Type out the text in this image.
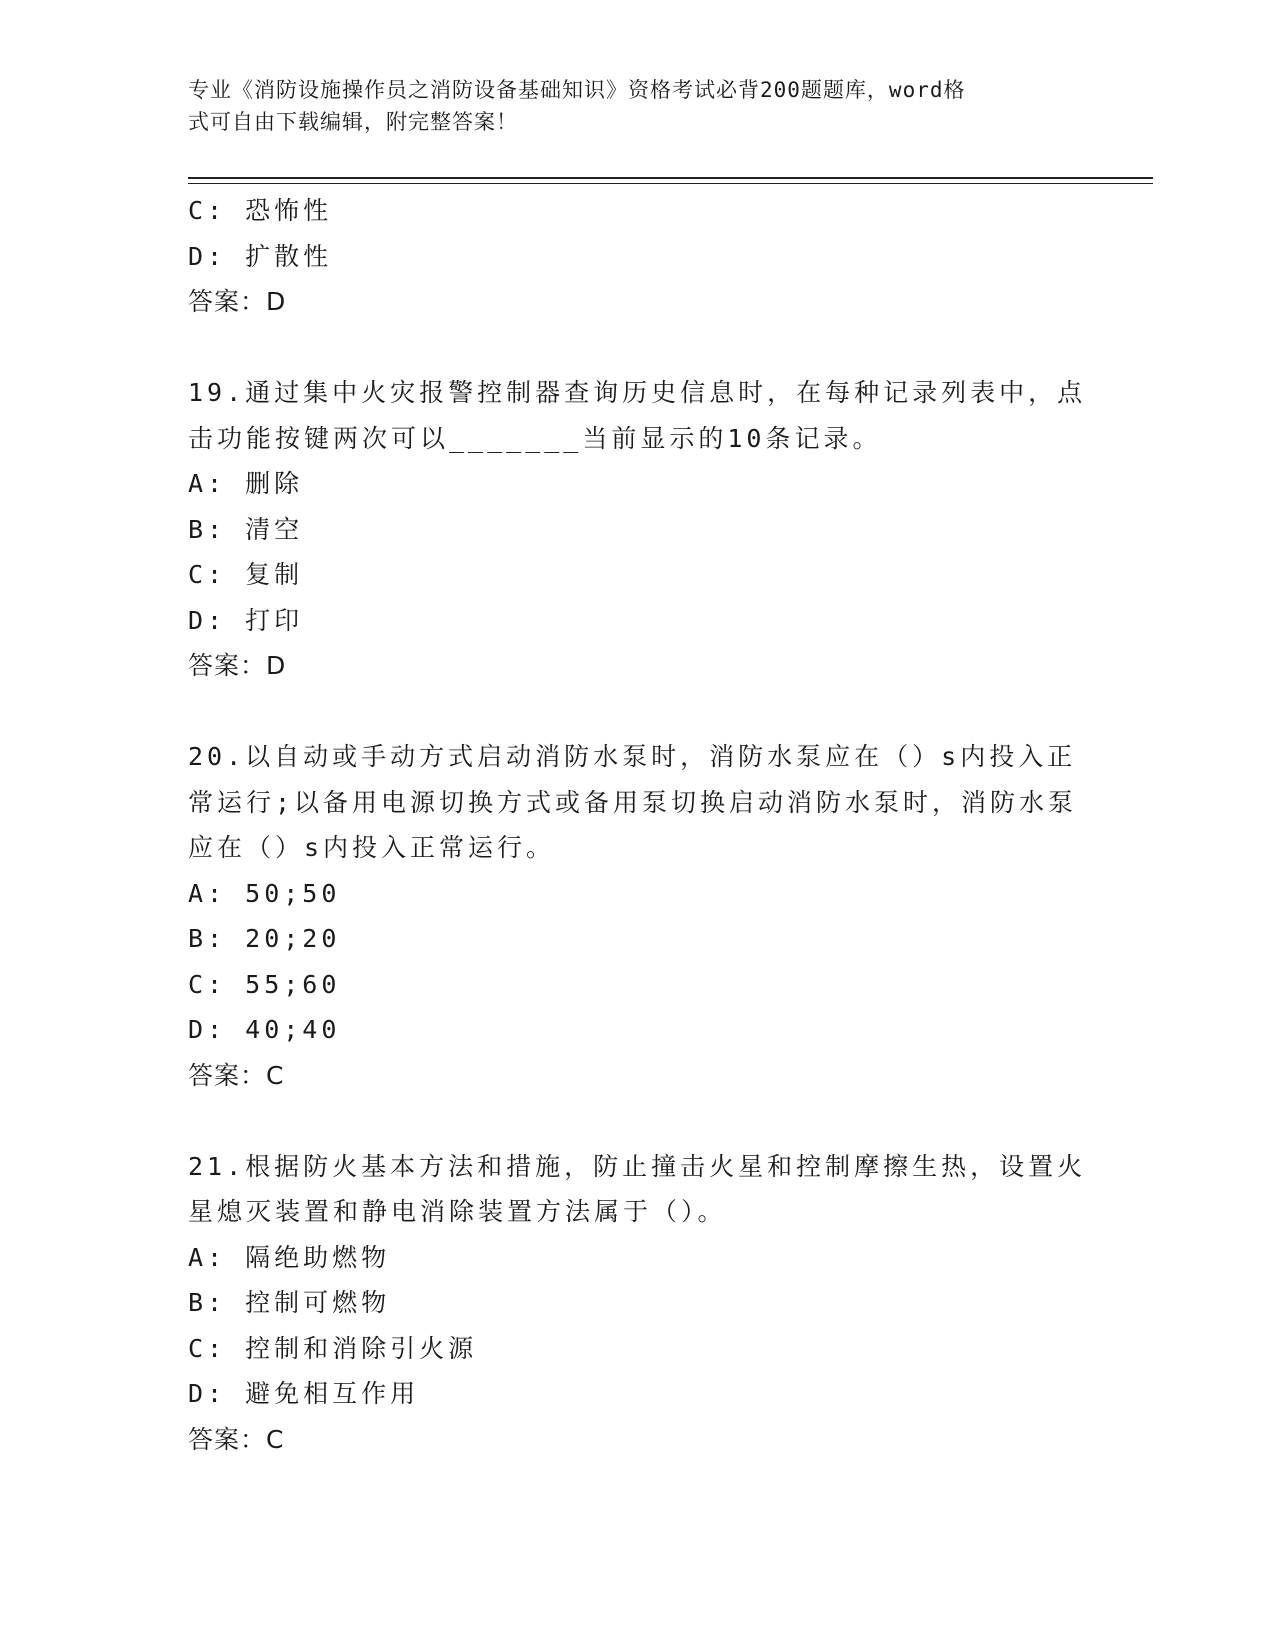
专业《消防设施操作员之消防设备基础知识》资格考试必背200题题库，word格
式可自由下载编辑，附完整答案！
C: 恐怖性
D: 扩散性
答案：D
19.通过集中火灾报警控制器查询历史信息时，在每种记录列表中，点
击功能按键两次可以_______当前显示的10条记录。
A: 删除
B: 清空
C: 复制
D: 打印
答案：D
20.以自动或手动方式启动消防水泵时，消防水泵应在（）s内投入正
常运行;以备用电源切换方式或备用泵切换启动消防水泵时，消防水泵
应在（）s内投入正常运行。
A: 50;50
B: 20;20
C: 55;60
D: 40;40
答案：C
21.根据防火基本方法和措施，防止撞击火星和控制摩擦生热，设置火
星熄灭装置和静电消除装置方法属于（）。
A: 隔绝助燃物
B: 控制可燃物
C: 控制和消除引火源
D: 避免相互作用
答案：C
